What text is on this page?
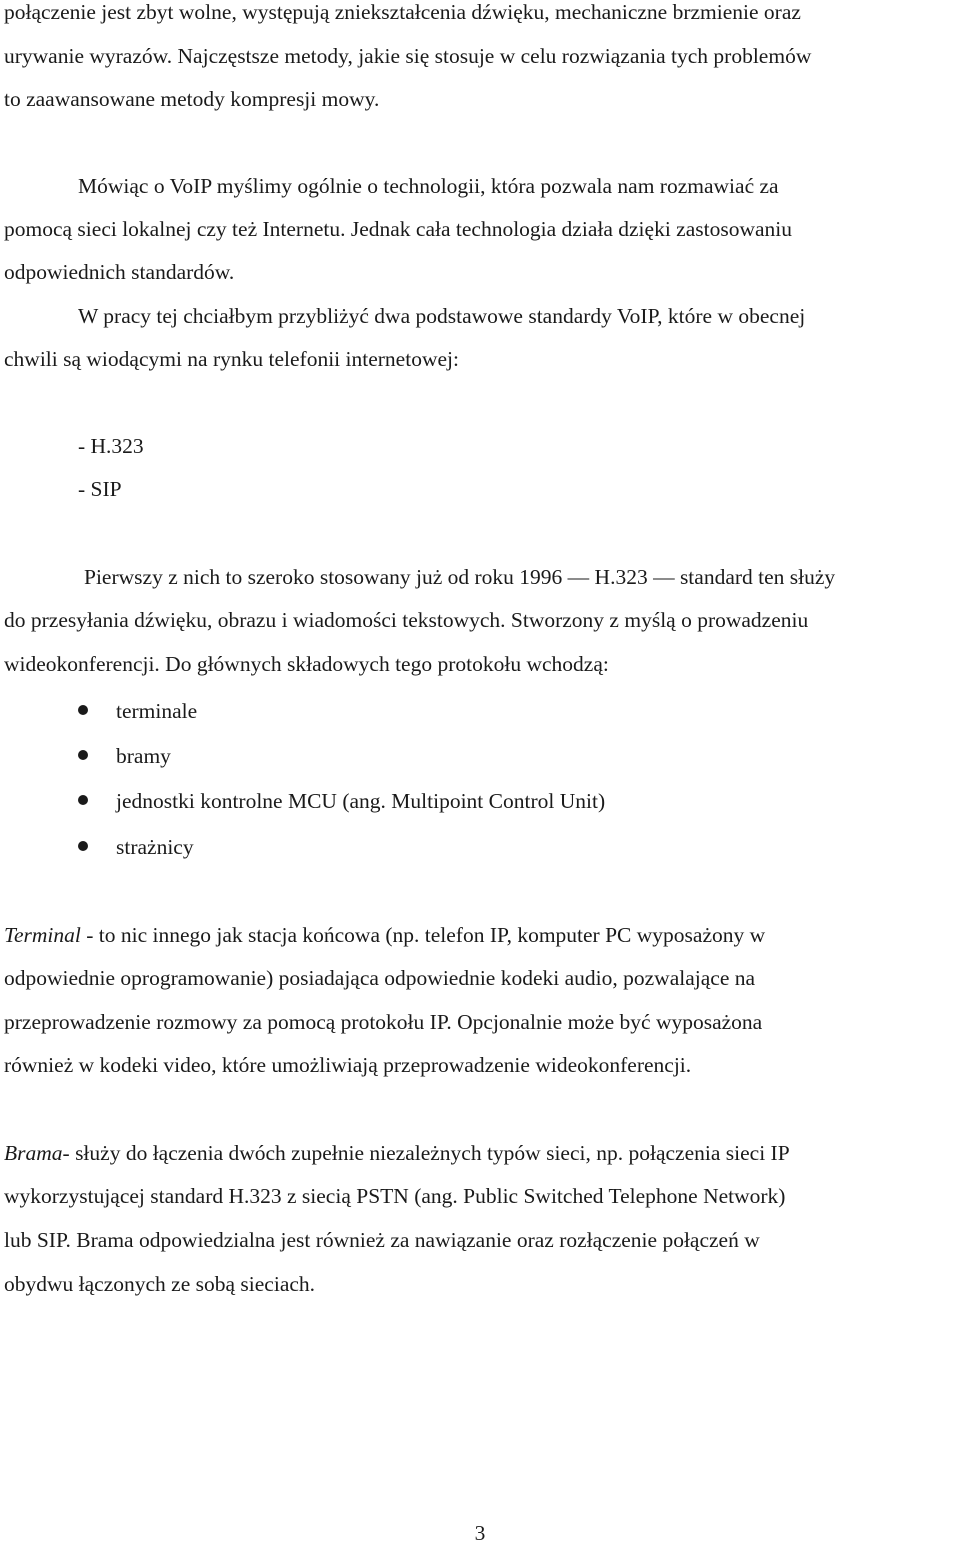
połączenie jest zbyt wolne, występują zniekształcenia dźwięku, mechaniczne brzmienie oraz
urywanie wyrazów. Najczęstsze metody, jakie się stosuje w celu rozwiązania tych problemów
to zaawansowane metody kompresji mowy.
Mówiąc o VoIP myślimy ogólnie o technologii, która pozwala nam rozmawiać za
pomocą sieci lokalnej czy też Internetu. Jednak cała technologia działa dzięki zastosowaniu
odpowiednich standardów.
W pracy tej chciałbym przybliżyć dwa podstawowe standardy VoIP, które w obecnej
chwili są wiodącymi na rynku telefonii internetowej:
- H.323
- SIP
Pierwszy z nich to szeroko stosowany już od roku 1996 — H.323 — standard ten służy
do przesyłania dźwięku, obrazu i wiadomości tekstowych. Stworzony z myślą o prowadzeniu
wideokonferencji. Do głównych składowych tego protokołu wchodzą:
terminale
bramy
jednostki kontrolne MCU (ang. Multipoint Control Unit)
strażnicy
Terminal - to nic innego jak stacja końcowa (np. telefon IP, komputer PC wyposażony w
odpowiednie oprogramowanie) posiadająca odpowiednie kodeki audio, pozwalające na
przeprowadzenie rozmowy za pomocą protokołu IP. Opcjonalnie może być wyposażona
również w kodeki video, które umożliwiają przeprowadzenie wideokonferencji.
Brama- służy do łączenia dwóch zupełnie niezależnych typów sieci, np. połączenia sieci IP
wykorzystującej standard H.323 z siecią PSTN (ang. Public Switched Telephone Network)
lub SIP. Brama odpowiedzialna jest również za nawiązanie oraz rozłączenie połączeń w
obydwu łączonych ze sobą sieciach.
3
